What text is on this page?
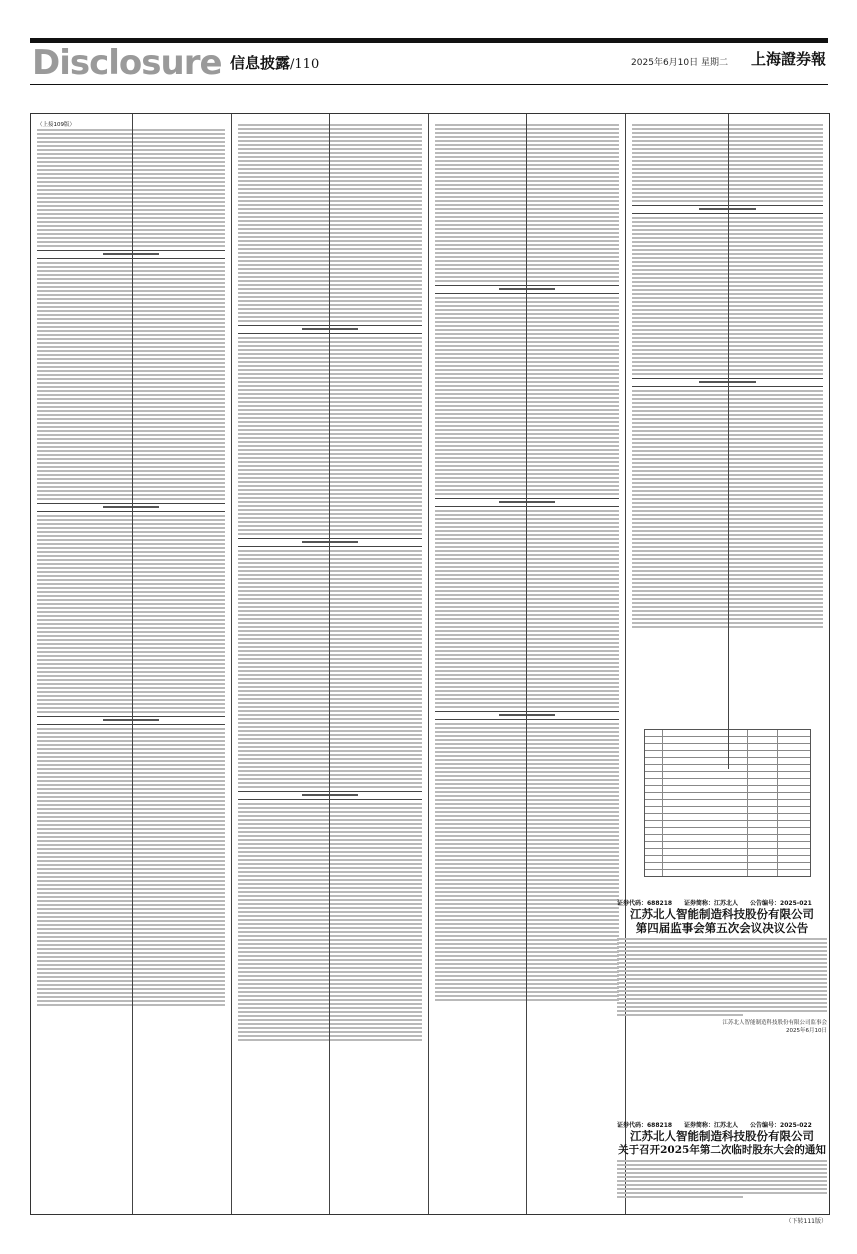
Disclosure 信息披露/110	2025年6月10日 星期二 上海證券報
（上接109版）
证券代码：688218　　证券简称：江苏北人　　公告编号：2025-021
江苏北人智能制造科技股份有限公司
第四届监事会第五次会议决议公告
江苏北人智能制造科技股份有限公司监事会
2025年6月10日
证券代码：688218　　证券简称：江苏北人　　公告编号：2025-022
江苏北人智能制造科技股份有限公司
关于召开2025年第二次临时股东大会的通知
（下转111版）
